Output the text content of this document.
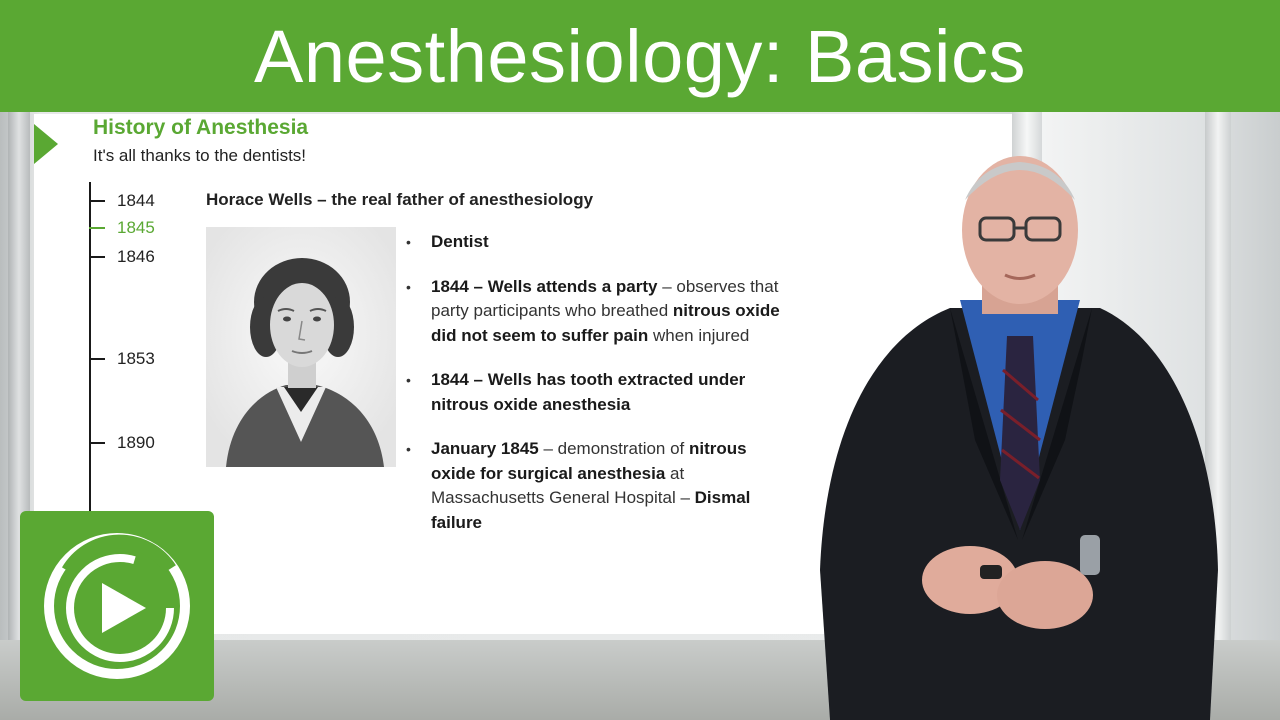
Anesthesiology: Basics
History of Anesthesia
It's all thanks to the dentists!
1844
1845
1846
1853
1890
Horace Wells – the real father of anesthesiology
• Dentist
• 1844 – Wells attends a party – observes that party participants who breathed nitrous oxide did not seem to suffer pain when injured
• 1844 – Wells has tooth extracted under nitrous oxide anesthesia
• January 1845 – demonstration of nitrous oxide for surgical anesthesia at Massachusetts General Hospital – Dismal failure
